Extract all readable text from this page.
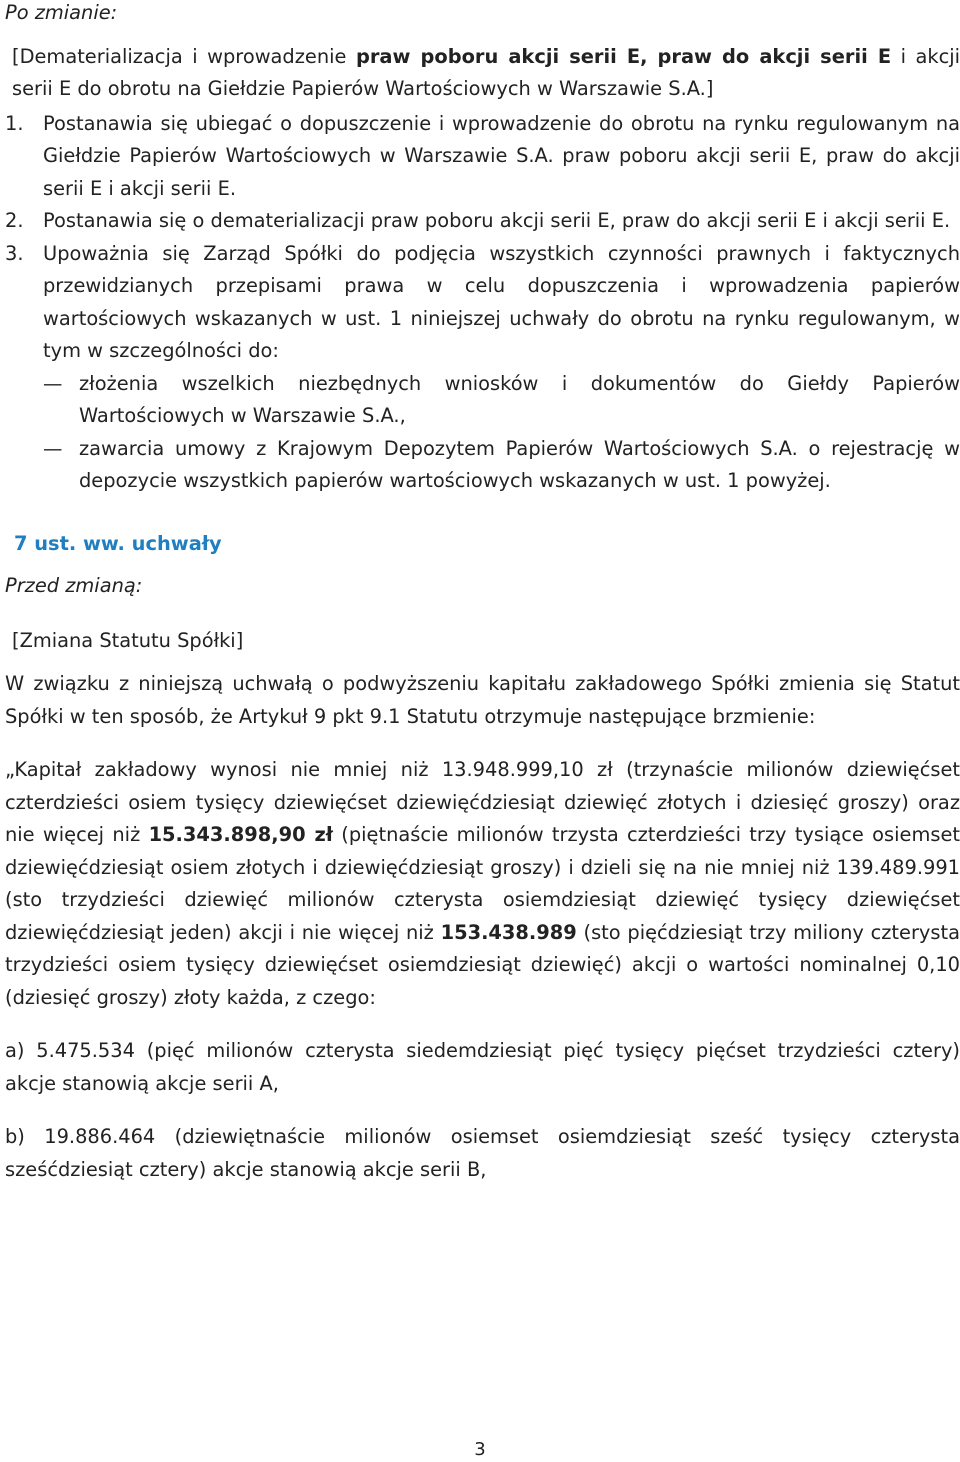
Po zmianie:

[Dematerializacja i wprowadzenie praw poboru akcji serii E, praw do akcji serii E i akcji serii E do obrotu na Giełdzie Papierów Wartościowych w Warszawie S.A.]

1.	Postanawia się ubiegać o dopuszczenie i wprowadzenie do obrotu na rynku regulowanym na Giełdzie Papierów Wartościowych w Warszawie S.A. praw poboru akcji serii E, praw do akcji serii E i akcji serii E.
2.	Postanawia się o dematerializacji praw poboru akcji serii E, praw do akcji serii E i akcji serii E.
3.	Upoważnia się Zarząd Spółki do podjęcia wszystkich czynności prawnych i faktycznych przewidzianych przepisami prawa w celu dopuszczenia i wprowadzenia papierów wartościowych wskazanych w ust. 1 niniejszej uchwały do obrotu na rynku regulowanym, w tym w szczególności do:
— złożenia wszelkich niezbędnych wniosków i dokumentów do Giełdy Papierów Wartościowych w Warszawie S.A.,
— zawarcia umowy z Krajowym Depozytem Papierów Wartościowych S.A. o rejestrację w depozycie wszystkich papierów wartościowych wskazanych w ust. 1 powyżej.

7 ust. ww. uchwały

Przed zmianą:

[Zmiana Statutu Spółki]

W związku z niniejszą uchwałą o podwyższeniu kapitału zakładowego Spółki zmienia się Statut Spółki w ten sposób, że Artykuł 9 pkt 9.1 Statutu otrzymuje następujące brzmienie:

„Kapitał zakładowy wynosi nie mniej niż 13.948.999,10 zł (trzynaście milionów dziewięćset czterdzieści osiem tysięcy dziewięćset dziewięćdziesiąt dziewięć złotych i dziesięć groszy) oraz nie więcej niż 15.343.898,90 zł (piętnaście milionów trzysta czterdzieści trzy tysiące osiemset dziewięćdziesiąt osiem złotych i dziewięćdziesiąt groszy) i dzieli się na nie mniej niż 139.489.991 (sto trzydzieści dziewięć milionów czterysta osiemdziesiąt dziewięć tysięcy dziewięćset dziewięćdziesiąt jeden) akcji i nie więcej niż 153.438.989 (sto pięćdziesiąt trzy miliony czterysta trzydzieści osiem tysięcy dziewięćset osiemdziesiąt dziewięć) akcji o wartości nominalnej 0,10 (dziesięć groszy) złoty każda, z czego:

a) 5.475.534 (pięć milionów czterysta siedemdziesiąt pięć tysięcy pięćset trzydzieści cztery) akcje stanowią akcje serii A,

b) 19.886.464 (dziewiętnaście milionów osiemset osiemdziesiąt sześć tysięcy czterysta sześćdziesiąt cztery) akcje stanowią akcje serii B,

3
